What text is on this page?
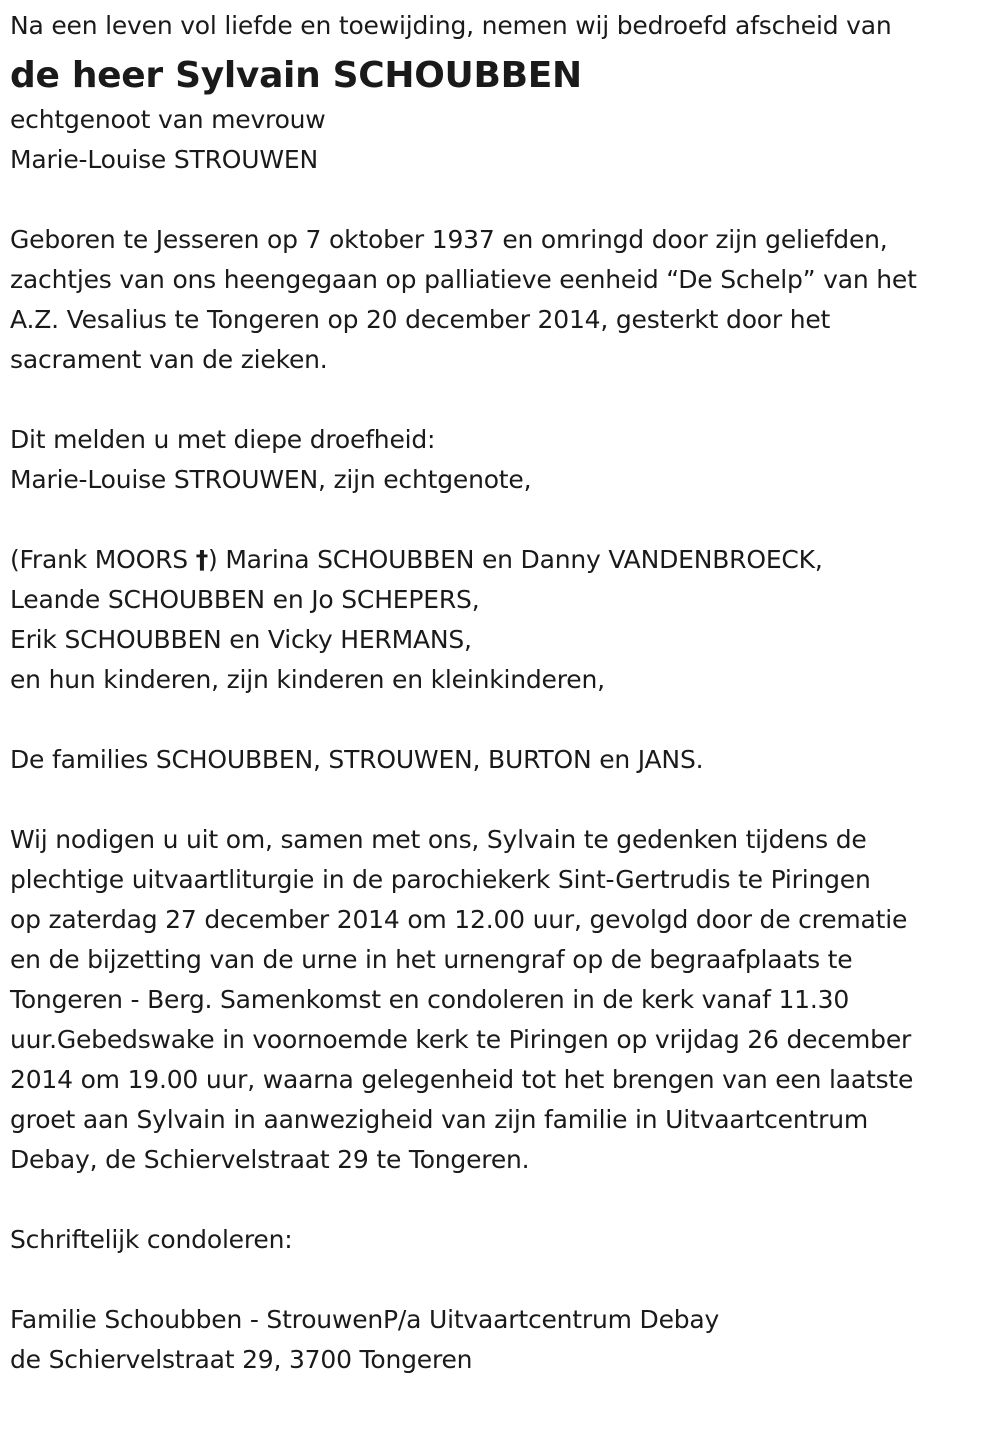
Na een leven vol liefde en toewijding, nemen wij bedroefd afscheid van
de heer Sylvain SCHOUBBEN
echtgenoot van mevrouw
Marie-Louise STROUWEN
Geboren te Jesseren op 7 oktober 1937 en omringd door zijn geliefden,
zachtjes van ons heengegaan op palliatieve eenheid “De Schelp” van het
A.Z. Vesalius te Tongeren op 20 december 2014, gesterkt door het
sacrament van de zieken.
Dit melden u met diepe droefheid:
Marie-Louise STROUWEN, zijn echtgenote,
(Frank MOORS †) Marina SCHOUBBEN en Danny VANDENBROECK,
Leande SCHOUBBEN en Jo SCHEPERS,
Erik SCHOUBBEN en Vicky HERMANS,
en hun kinderen, zijn kinderen en kleinkinderen,
De families SCHOUBBEN, STROUWEN, BURTON en JANS.
Wij nodigen u uit om, samen met ons, Sylvain te gedenken tijdens de
plechtige uitvaartliturgie in de parochiekerk Sint-Gertrudis te Piringen
op zaterdag 27 december 2014 om 12.00 uur, gevolgd door de crematie
en de bijzetting van de urne in het urnengraf op de begraafplaats te
Tongeren - Berg. Samenkomst en condoleren in de kerk vanaf 11.30
uur.Gebedswake in voornoemde kerk te Piringen op vrijdag 26 december
2014 om 19.00 uur, waarna gelegenheid tot het brengen van een laatste
groet aan Sylvain in aanwezigheid van zijn familie in Uitvaartcentrum
Debay, de Schiervelstraat 29 te Tongeren.
Schriftelijk condoleren:
Familie Schoubben - StrouwenP/a Uitvaartcentrum Debay
de Schiervelstraat 29, 3700 Tongeren
